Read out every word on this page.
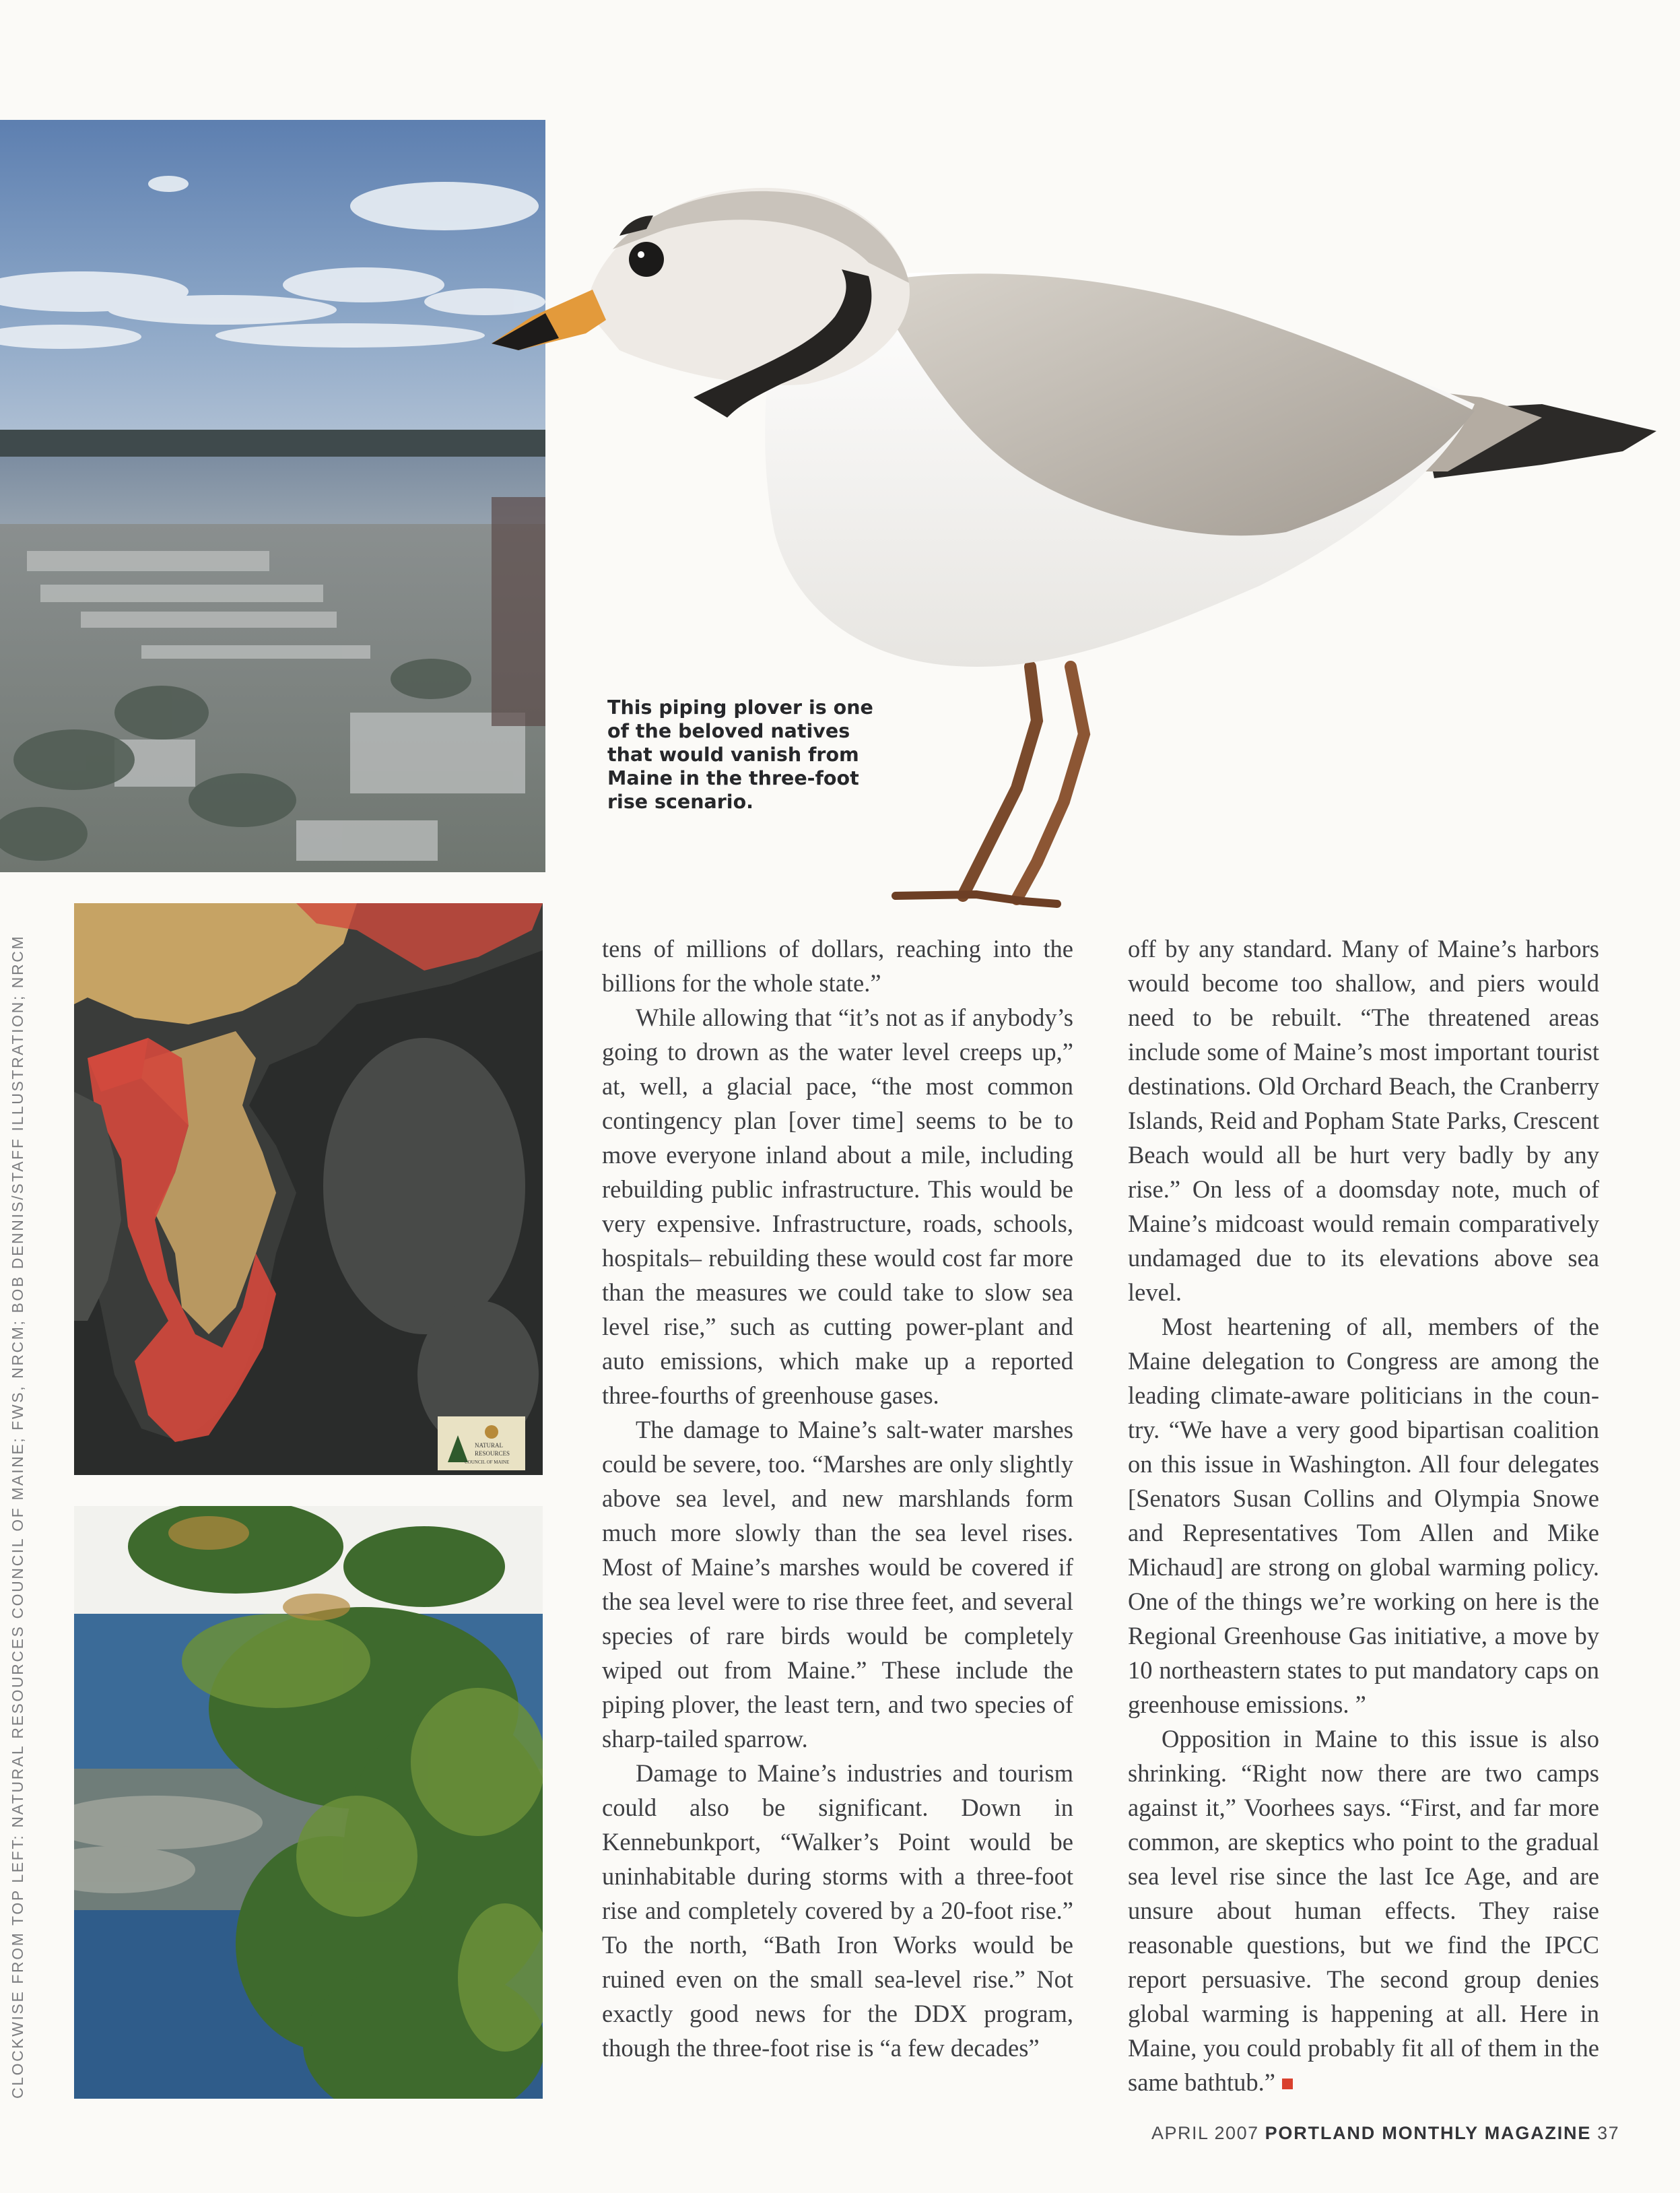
NATURAL
RESOURCES
COUNCIL OF MAINE

This piping plover is one of the beloved natives that would vanish from Maine in the three-foot rise scenario.

CLOCKWISE FROM TOP LEFT: NATURAL RESOURCES COUNCIL OF MAINE; FWS, NRCM; BOB DENNIS/STAFF ILLUSTRATION; NRCM	tens of millions of dollars, reaching into the billions for the whole state.”

While allowing that “it’s not as if anybody’s going to drown as the water level creeps up,” at, well, a glacial pace, “the most common contingency plan [over time] seems to be to move everyone inland about a mile, including rebuilding public infrastructure. This would be very expensive. Infrastructure, roads, schools, hospitals– rebuilding these would cost far more than the measures we could take to slow sea level rise,” such as cutting power-plant and auto emissions, which make up a reported three-fourths of greenhouse gases.

The damage to Maine’s salt-water marshes could be severe, too. “Marshes are only slightly above sea level, and new marshlands form much more slowly than the sea level rises. Most of Maine’s marshes would be covered if the sea level were to rise three feet, and several species of rare birds would be completely wiped out from Maine.” These include the piping plover, the least tern, and two species of sharp-tailed sparrow.

Damage to Maine’s industries and tourism could also be significant. Down in Kennebunkport, “Walker’s Point would be uninhabitable during storms with a three-foot rise and completely covered by a 20-foot rise.” To the north, “Bath Iron Works would be ruined even on the small sea-level rise.” Not exactly good news for the DDX program, though the three-foot rise is “a few decades”

off by any standard. Many of Maine’s harbors would become too shallow, and piers would need to be rebuilt. “The threatened areas include some of Maine’s most important tourist destinations. Old Orchard Beach, the Cranberry Islands, Reid and Popham State Parks, Crescent Beach would all be hurt very badly by any rise.” On less of a doomsday note, much of Maine’s midcoast would remain comparatively undamaged due to its elevations above sea level.

Most heartening of all, members of the Maine delegation to Congress are among the leading climate-aware politicians in the country. “We have a very good bipartisan coalition on this issue in Washington. All four delegates [Senators Susan Collins and Olympia Snowe and Representatives Tom Allen and Mike Michaud] are strong on global warming policy. One of the things we’re working on here is the Regional Greenhouse Gas initiative, a move by 10 northeastern states to put mandatory caps on greenhouse emissions. ”

Opposition in Maine to this issue is also shrinking. “Right now there are two camps against it,” Voorhees says. “First, and far more common, are skeptics who point to the gradual sea level rise since the last Ice Age, and are unsure about human effects. They raise reasonable questions, but we find the IPCC report persuasive. The second group denies global warming is happening at all. Here in Maine, you could probably fit all of them in the same bathtub.”

APRIL 2007 PORTLAND MONTHLY MAGAZINE 37
